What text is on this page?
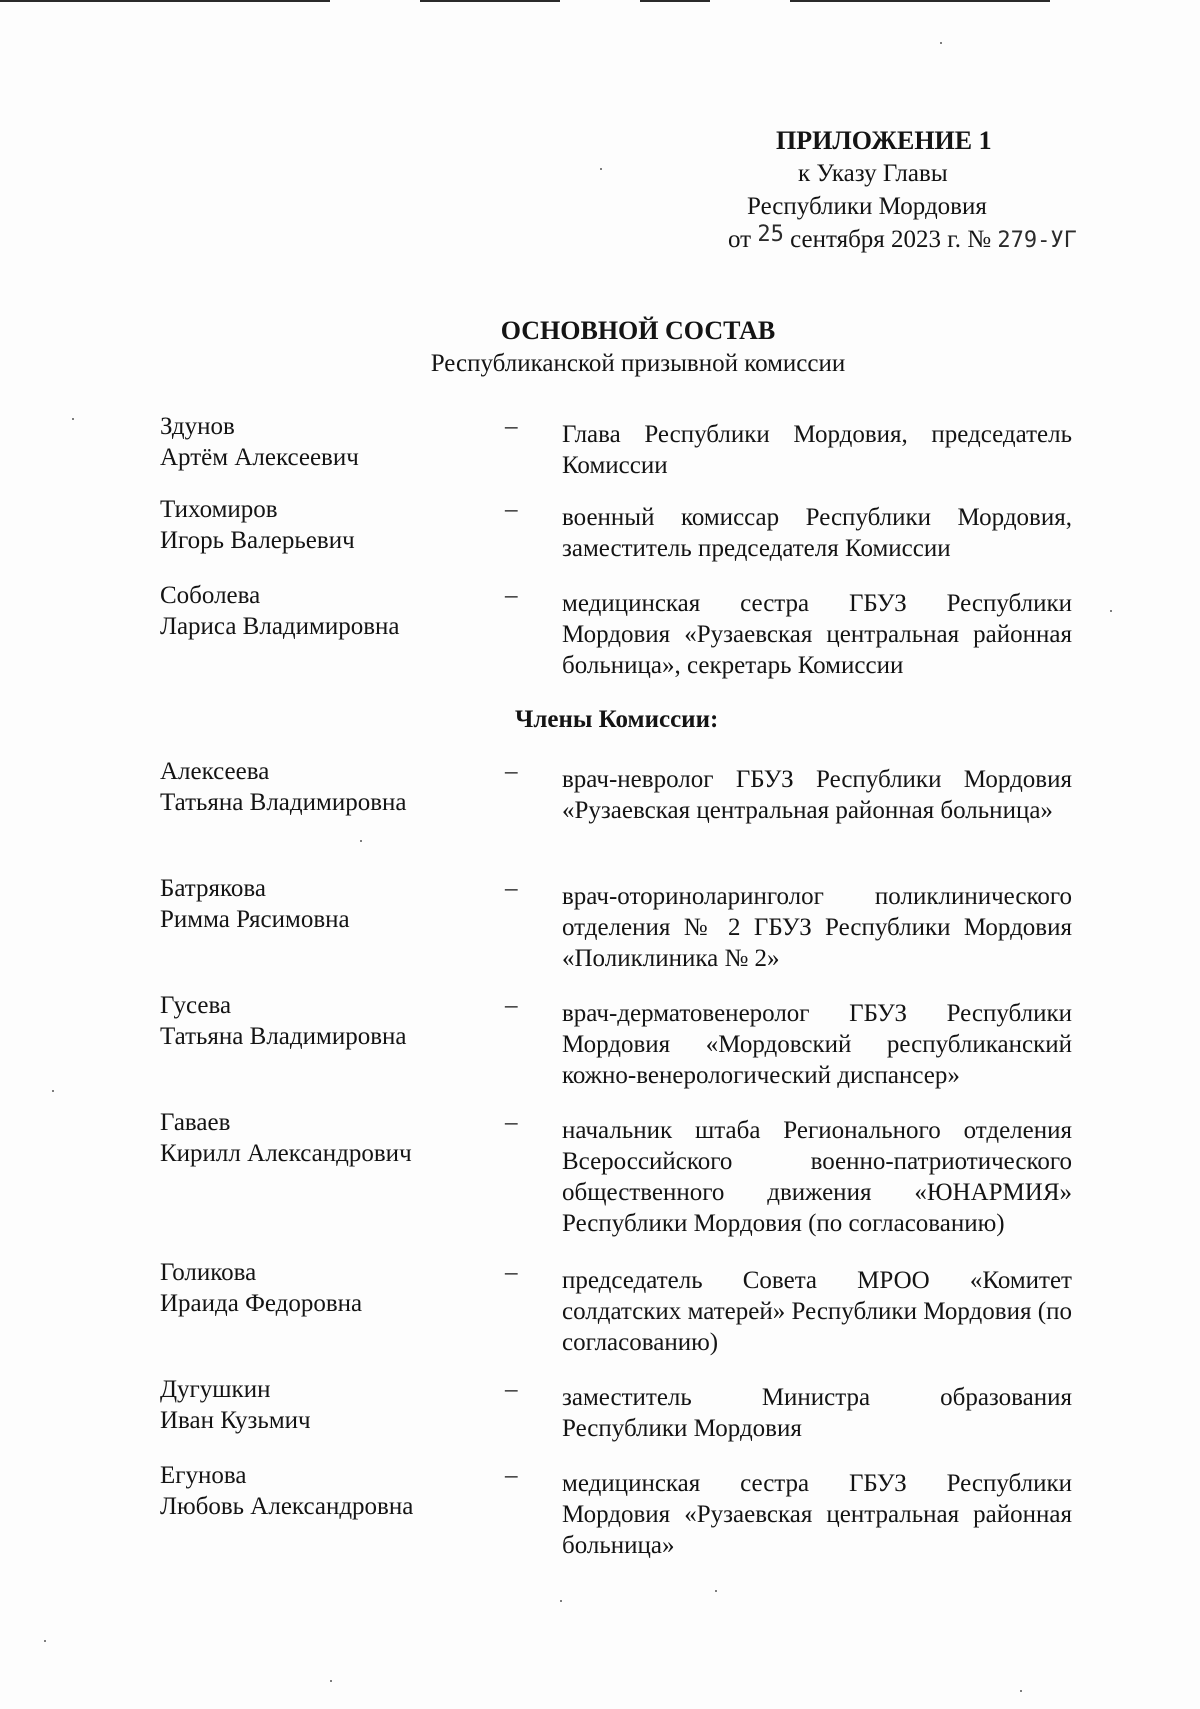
ПРИЛОЖЕНИЕ 1
к Указу Главы
Республики Мордовия
от 25 сентября 2023 г. № 279-УГ
ОСНОВНОЙ СОСТАВ
Республиканской призывной комиссии
Здунов
Артём Алексеевич
– Глава Республики Мордовия, председатель Комиссии
Тихомиров
Игорь Валерьевич
– военный комиссар Республики Мордовия, заместитель председателя Комиссии
Соболева
Лариса Владимировна
– медицинская сестра ГБУЗ Республики Мордовия «Рузаевская центральная районная больница», секретарь Комиссии
Члены Комиссии:
Алексеева
Татьяна Владимировна
– врач-невролог ГБУЗ Республики Мордовия «Рузаевская центральная районная больница»
Батрякова
Римма Рясимовна
– врач-оториноларинголог поликлинического отделения № 2 ГБУЗ Республики Мордовия «Поликлиника № 2»
Гусева
Татьяна Владимировна
– врач-дерматовенеролог ГБУЗ Республики Мордовия «Мордовский республиканский кожно-венерологический диспансер»
Гаваев
Кирилл Александрович
– начальник штаба Регионального отделения Всероссийского военно-патриотического общественного движения «ЮНАРМИЯ» Республики Мордовия (по согласованию)
Голикова
Ираида Федоровна
– председатель Совета МРОО «Комитет солдатских матерей» Республики Мордовия (по согласованию)
Дугушкин
Иван Кузьмич
– заместитель Министра образования Республики Мордовия
Егунова
Любовь Александровна
– медицинская сестра ГБУЗ Республики Мордовия «Рузаевская центральная районная больница»
